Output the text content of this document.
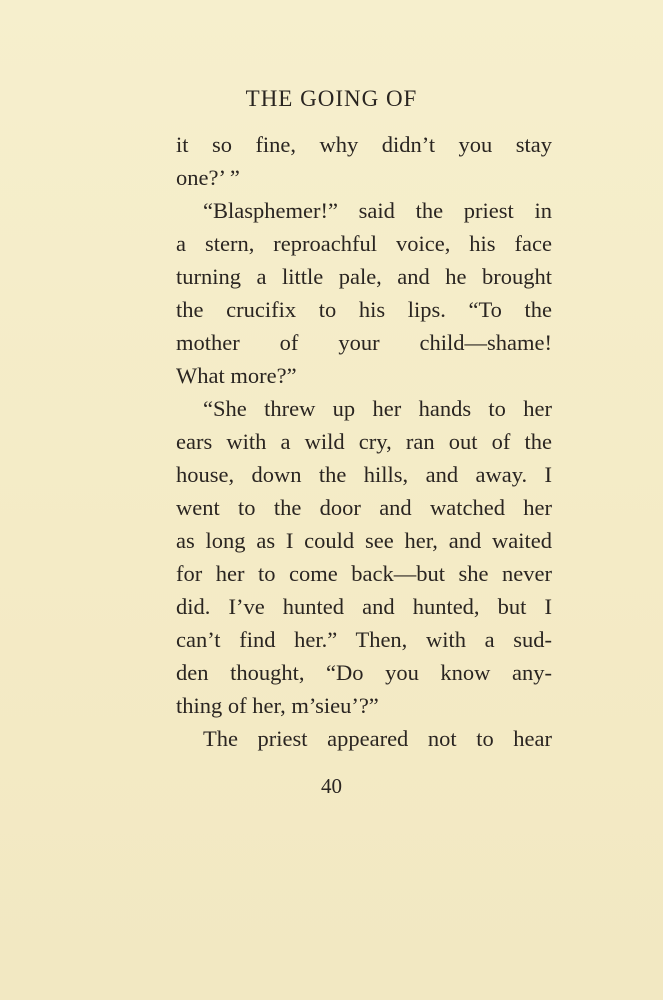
THE GOING OF
it so fine, why didn’t you stay
one?’ ”
“Blasphemer!” said the priest in
a stern, reproachful voice, his face
turning a little pale, and he brought
the crucifix to his lips. “To the
mother of your child—shame!
What more?”
“She threw up her hands to her
ears with a wild cry, ran out of the
house, down the hills, and away. I
went to the door and watched her
as long as I could see her, and waited
for her to come back—but she never
did. I’ve hunted and hunted, but I
can’t find her.” Then, with a sud-
den thought, “Do you know any-
thing of her, m’sieu’?”
The priest appeared not to hear
40
